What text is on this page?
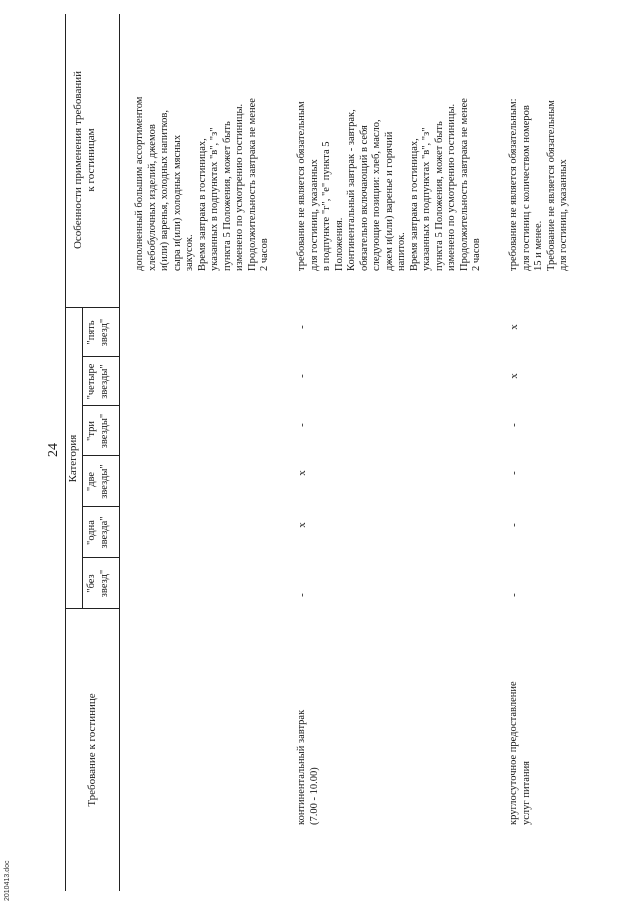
24
2010413.doc
Требование к гостинице
Категория
Особенности применения требований
к гостиницам
"без
звезд"
"одна
звезда"
"две
звезды"
"три
звезды"
"четыре
звезды"
"пять
звезд"
дополненный большим ассортиментом
хлебобулочных изделий, джемов
и(или) варенья, холодных напитков,
сыра и(или) холодных мясных
закусок.
Время завтрака в гостиницах,
указанных в подпунктах "в", "з"
пункта 5 Положения, может быть
изменено по усмотрению гостиницы.
Продолжительность завтрака не менее
2 часов
континентальный завтрак
(7.00 - 10.00)
-
х
х
-
-
-
требование не является обязательным
для гостиниц, указанных
в подпункте "г", "е" пункта 5
Положения.
Континентальный завтрак - завтрак,
обязательно включающий в себя
следующие позиции: хлеб, масло,
джем и(или) варенье и горячий
напиток.
Время завтрака в гостиницах,
указанных в подпунктах "в", "з"
пункта 5 Положения, может быть
изменено по усмотрению гостиницы.
Продолжительность завтрака не менее
2 часов
круглосуточное предоставление
услуг питания
-
-
-
-
х
х
требование не является обязательным:
для гостиниц с количеством номеров
15 и менее.
Требование не является обязательным
для гостиниц, указанных
